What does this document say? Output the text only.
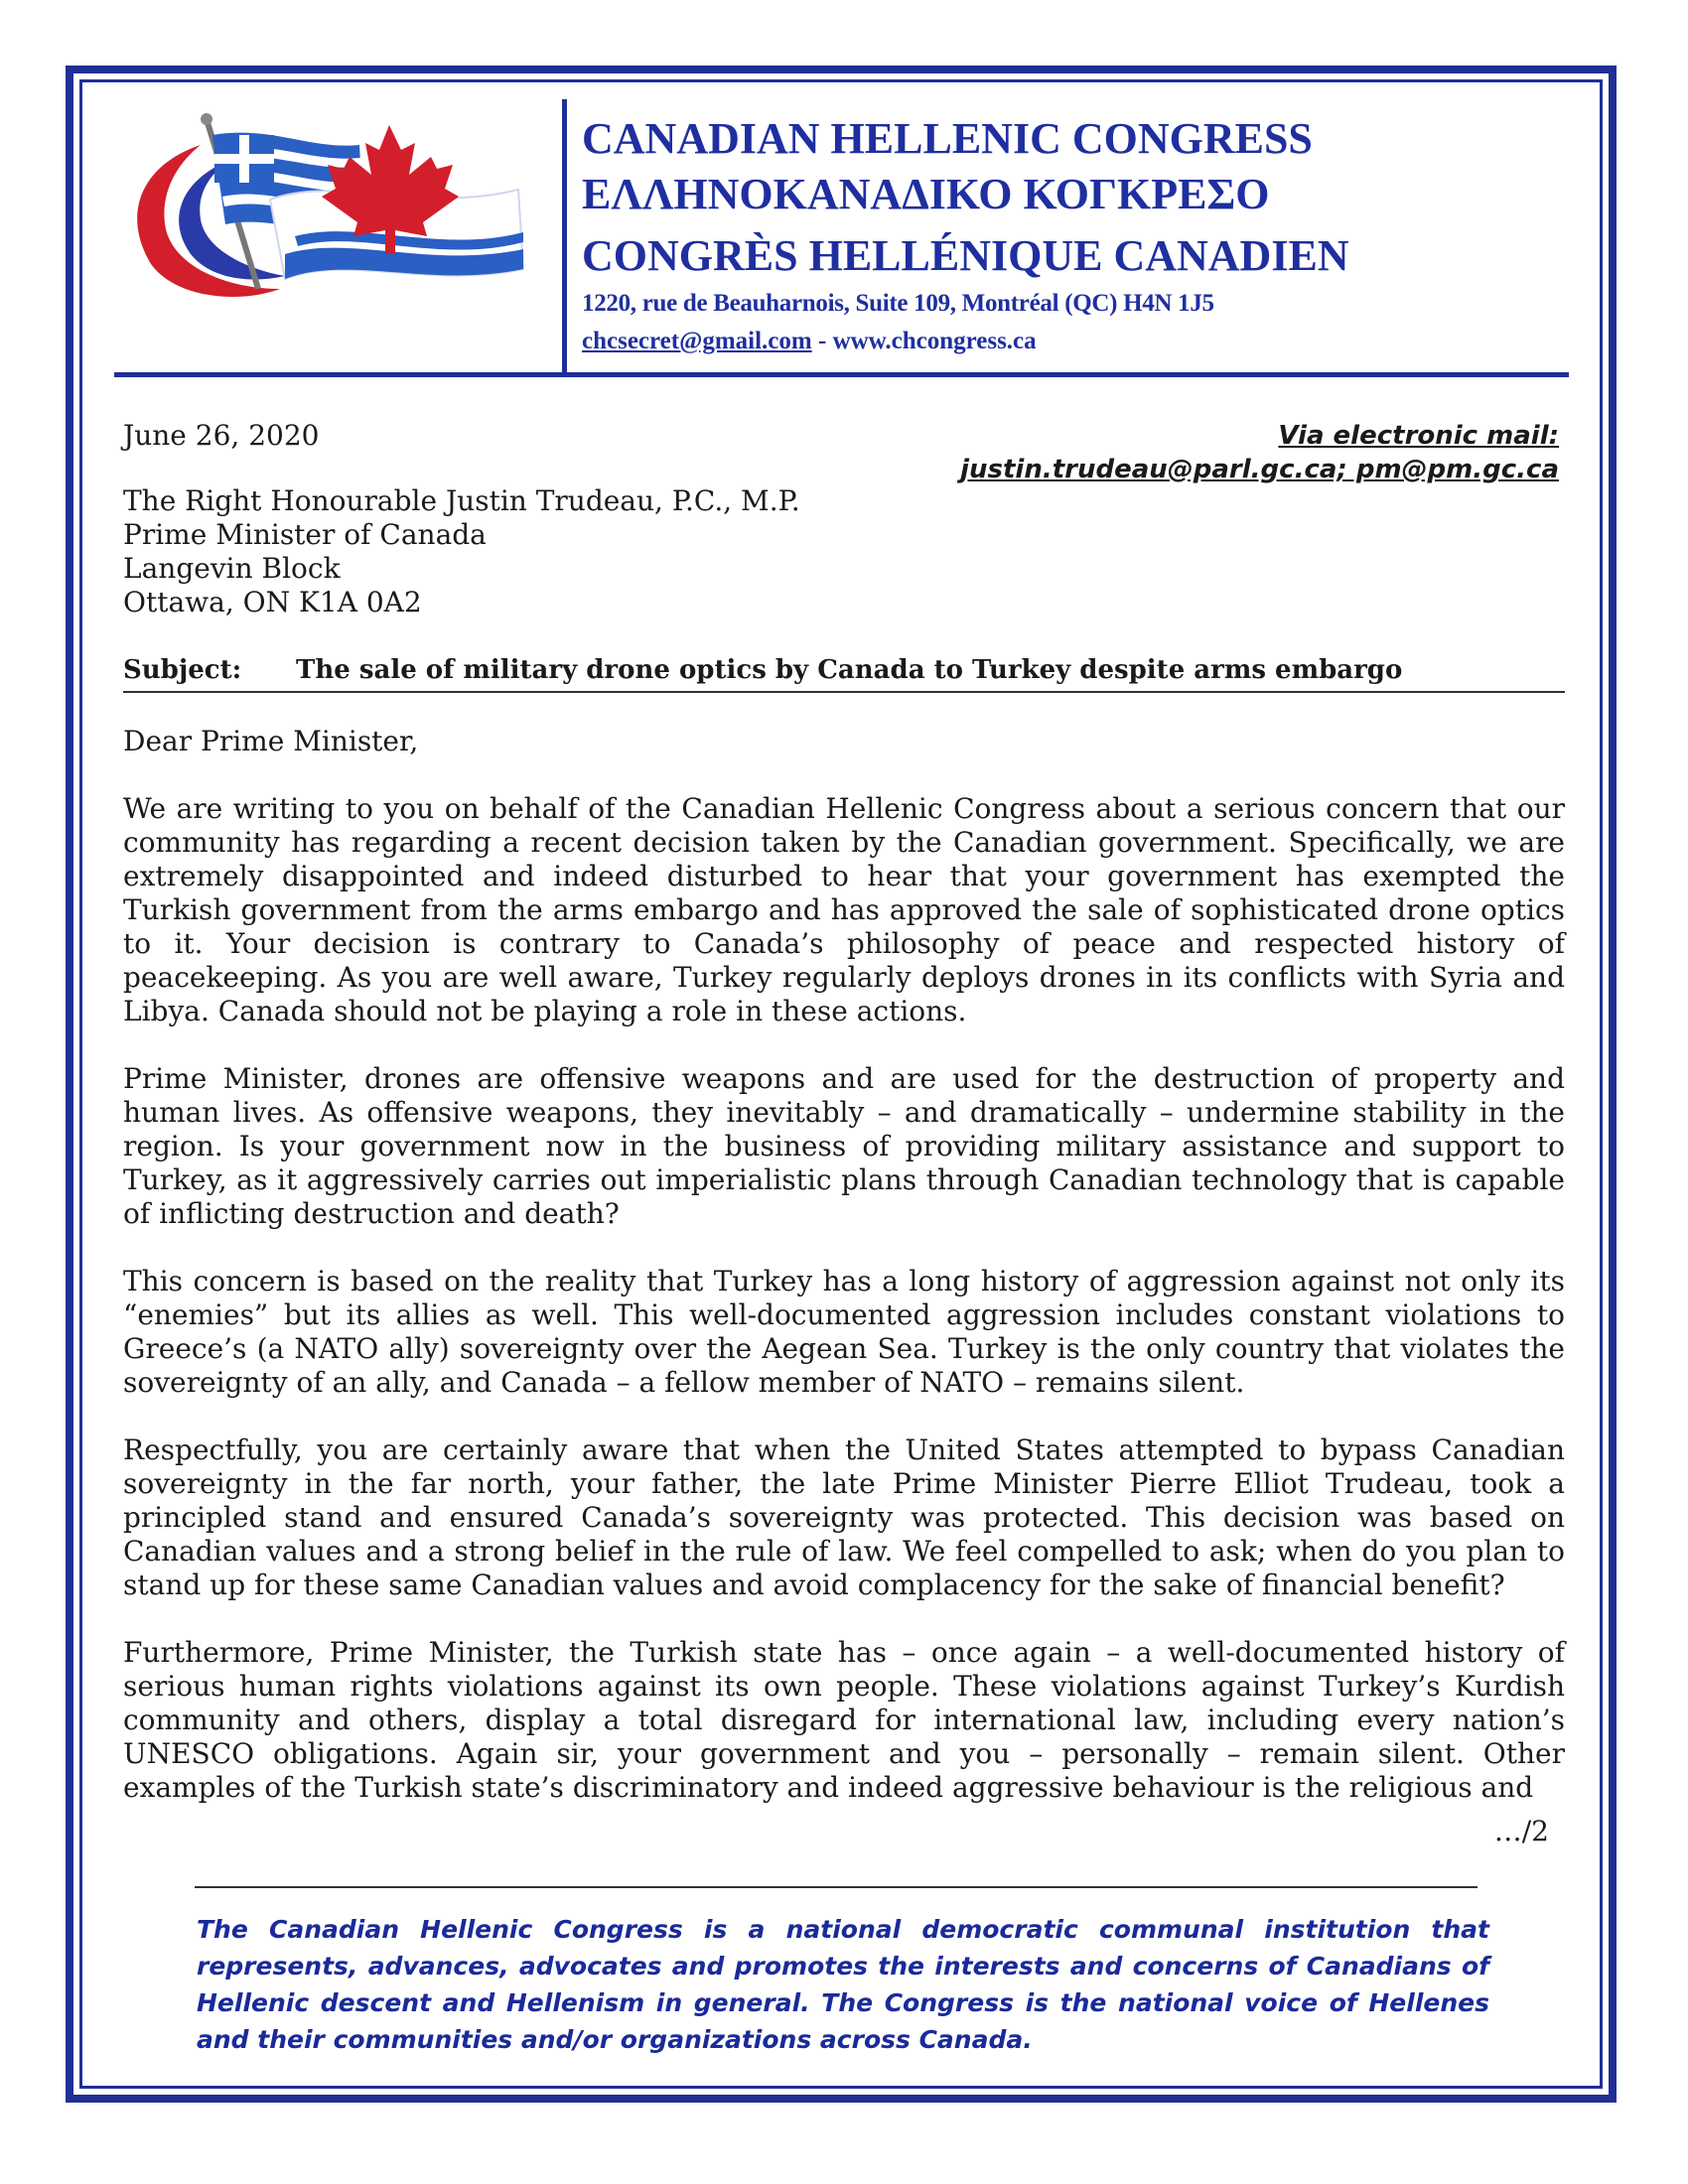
CANADIAN HELLENIC CONGRESS
ΕΛΛΗΝΟΚΑΝΑΔΙΚΟ ΚΟΓΚΡΕΣΟ
CONGRÈS HELLÉNIQUE CANADIEN
1220, rue de Beauharnois, Suite 109, Montréal (QC) H4N 1J5
chcsecret@gmail.com - www.chcongress.ca
June 26, 2020	Via electronic mail:
justin.trudeau@parl.gc.ca; pm@pm.gc.ca
The Right Honourable Justin Trudeau, P.C., M.P.
Prime Minister of Canada
Langevin Block
Ottawa, ON K1A 0A2
Subject: The sale of military drone optics by Canada to Turkey despite arms embargo

Dear Prime Minister,

We are writing to you on behalf of the Canadian Hellenic Congress about a serious concern that our community has regarding a recent decision taken by the Canadian government. Specifically, we are extremely disappointed and indeed disturbed to hear that your government has exempted the Turkish government from the arms embargo and has approved the sale of sophisticated drone optics to it. Your decision is contrary to Canada’s philosophy of peace and respected history of peacekeeping. As you are well aware, Turkey regularly deploys drones in its conflicts with Syria and Libya. Canada should not be playing a role in these actions.

Prime Minister, drones are offensive weapons and are used for the destruction of property and human lives. As offensive weapons, they inevitably – and dramatically – undermine stability in the region. Is your government now in the business of providing military assistance and support to Turkey, as it aggressively carries out imperialistic plans through Canadian technology that is capable of inflicting destruction and death?

This concern is based on the reality that Turkey has a long history of aggression against not only its “enemies” but its allies as well. This well-documented aggression includes constant violations to Greece’s (a NATO ally) sovereignty over the Aegean Sea. Turkey is the only country that violates the sovereignty of an ally, and Canada – a fellow member of NATO – remains silent.

Respectfully, you are certainly aware that when the United States attempted to bypass Canadian sovereignty in the far north, your father, the late Prime Minister Pierre Elliot Trudeau, took a principled stand and ensured Canada’s sovereignty was protected. This decision was based on Canadian values and a strong belief in the rule of law. We feel compelled to ask; when do you plan to stand up for these same Canadian values and avoid complacency for the sake of financial benefit?

Furthermore, Prime Minister, the Turkish state has – once again – a well-documented history of serious human rights violations against its own people. These violations against Turkey’s Kurdish community and others, display a total disregard for international law, including every nation’s UNESCO obligations. Again sir, your government and you – personally – remain silent. Other examples of the Turkish state’s discriminatory and indeed aggressive behaviour is the religious and

…/2
The Canadian Hellenic Congress is a national democratic communal institution that represents, advances, advocates and promotes the interests and concerns of Canadians of Hellenic descent and Hellenism in general. The Congress is the national voice of Hellenes and their communities and/or organizations across Canada.
